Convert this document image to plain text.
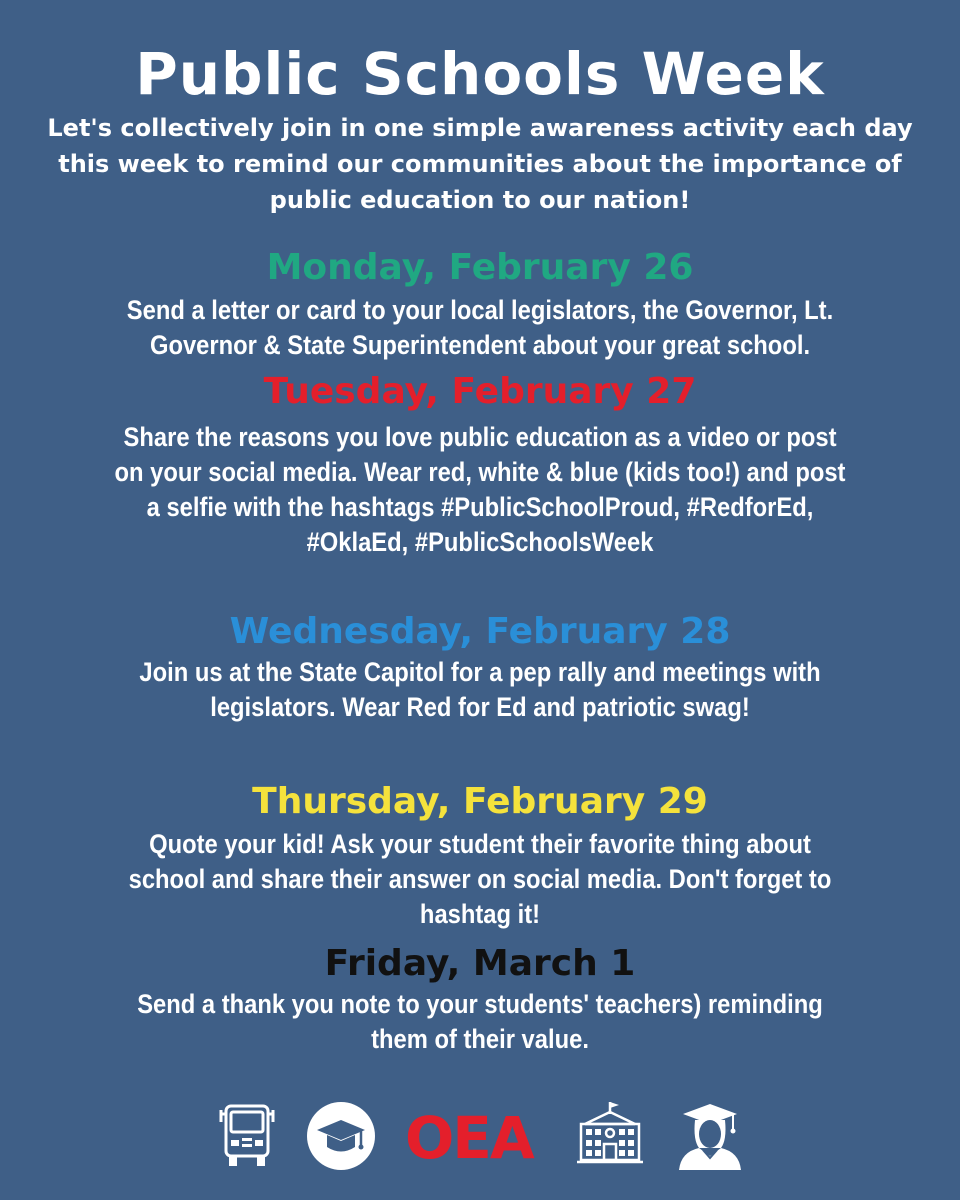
Public Schools Week
Let's collectively join in one simple awareness activity each day this week to remind our communities about the importance of public education to our nation!
Monday, February 26
Send a letter or card to your local legislators, the Governor, Lt. Governor & State Superintendent about your great school.
Tuesday, February 27
Share the reasons you love public education as a video or post on your social media. Wear red, white & blue (kids too!) and post a selfie with the hashtags #PublicSchoolProud, #RedforEd, #OklaEd, #PublicSchoolsWeek
Wednesday, February 28
Join us at the State Capitol for a pep rally and meetings with legislators. Wear Red for Ed and patriotic swag!
Thursday, February 29
Quote your kid! Ask your student their favorite thing about school and share their answer on social media. Don't forget to hashtag it!
Friday, March 1
Send a thank you note to your students' teachers) reminding them of their value.
OEA
